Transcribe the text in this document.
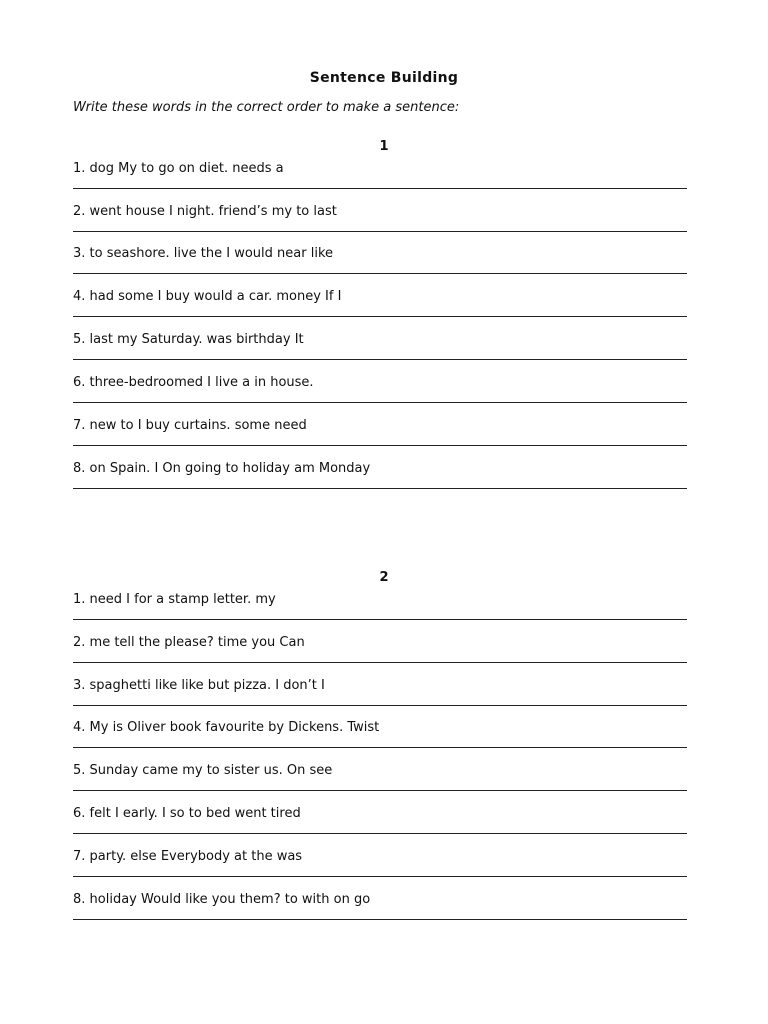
Sentence Building
Write these words in the correct order to make a sentence:
1
1. dog My to go on diet. needs a
2. went house I night. friend’s my to last
3. to seashore. live the I would near like
4. had some I buy would a car. money If I
5. last my Saturday. was birthday It
6. three-bedroomed I live a in house.
7. new to I buy curtains. some need
8. on Spain. I On going to holiday am Monday
2
1. need I for a stamp letter. my
2. me tell the please? time you Can
3. spaghetti like like but pizza. I don’t I
4. My is Oliver book favourite by Dickens. Twist
5. Sunday came my to sister us. On see
6. felt I early. I so to bed went tired
7. party. else Everybody at the was
8. holiday Would like you them? to with on go
